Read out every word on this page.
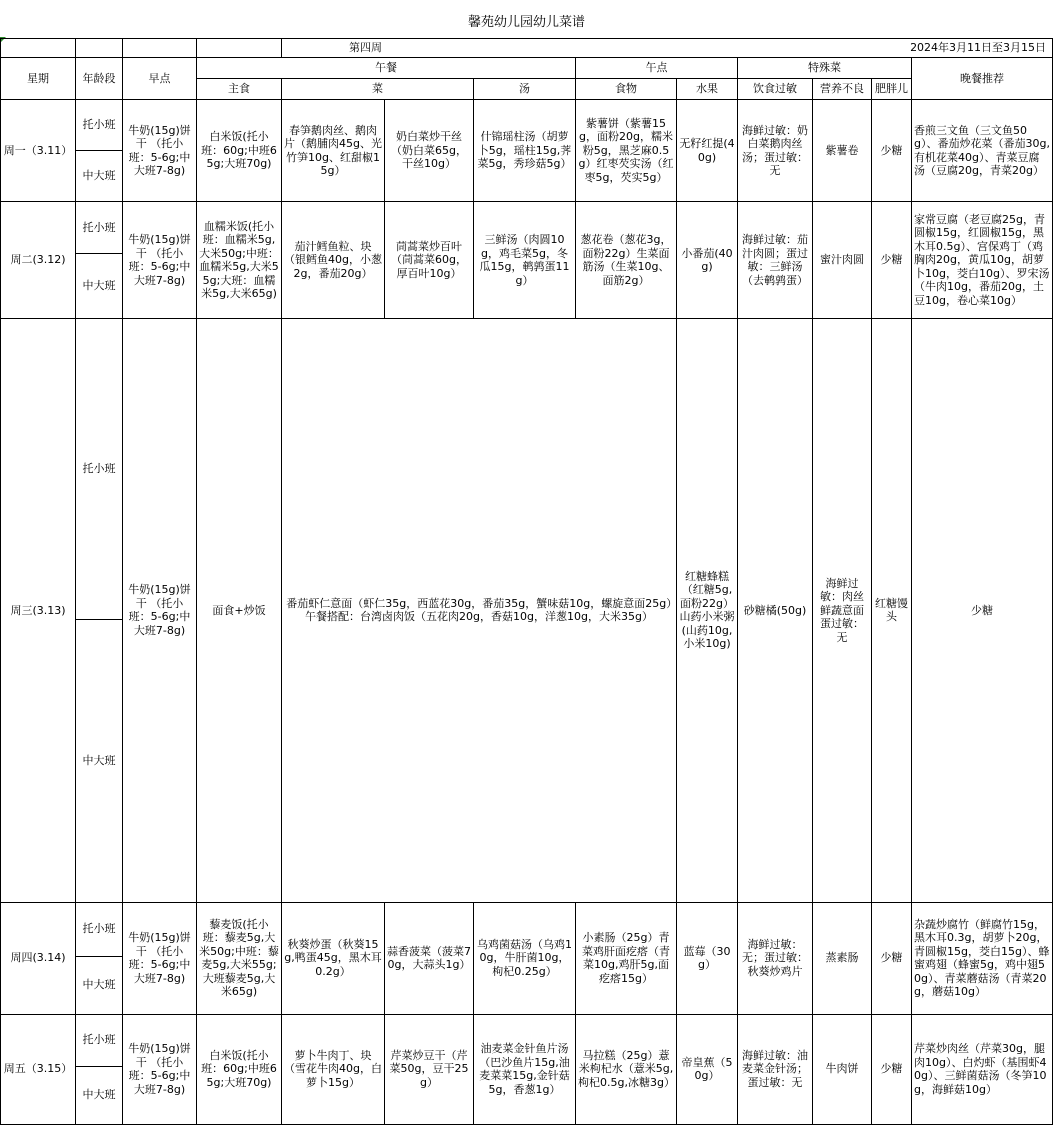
馨苑幼儿园幼儿菜谱
				第四周 2024年3月11日至3月15日									

星期	年龄段	早点	午餐				午点		特殊菜			晚餐推荐	
			主食	菜		汤	食物	水果	饮食过敏	营养不良	肥胖儿		
周一（3.11）	托小班	牛奶(15g)饼干 （托小班：5-6g;中大班7-8g)	白米饭(托小班：60g;中班65g;大班70g)	春笋鹅肉丝、鹅肉片（鹅脯肉45g、光竹笋10g、红甜椒15g）	奶白菜炒干丝（奶白菜65g，干丝10g）	什锦瑶柱汤（胡萝卜5g，瑶柱15g,荠菜5g，秀珍菇5g）	紫薯饼（紫薯15g，面粉20g，糯米粉5g，黑芝麻0.5g）红枣芡实汤（红枣5g，芡实5g）	无籽红提(40g)	海鲜过敏：奶白菜鹅肉丝汤；蛋过敏：无	紫薯卷	少糖	香煎三文鱼（三文鱼50g）、番茄炒花菜（番茄30g,有机花菜40g）、青菜豆腐汤（豆腐20g，青菜20g）	
	中大班												
周二(3.12)	托小班	牛奶(15g)饼干 （托小班：5-6g;中大班7-8g)	血糯米饭(托小班：血糯米5g,大米50g;中班：血糯米5g,大米55g;大班：血糯米5g,大米65g)	茄汁鳕鱼粒、块（银鳕鱼40g，小葱2g，番茄20g）	茼蒿菜炒百叶（茼蒿菜60g，厚百叶10g）	三鲜汤（肉圆10g，鸡毛菜5g，冬瓜15g，鹌鹑蛋11g）	葱花卷（葱花3g，面粉22g）生菜面筋汤（生菜10g、面筋2g）	小番茄(40g)	海鲜过敏：茄汁肉圆；蛋过敏：三鲜汤（去鹌鹑蛋）	蜜汁肉圆	少糖	家常豆腐（老豆腐25g，青圆椒15g，红圆椒15g，黑木耳0.5g）、宫保鸡丁（鸡胸肉20g，黄瓜10g，胡萝卜10g，茭白10g）、罗宋汤（牛肉10g，番茄20g，土豆10g，卷心菜10g）	
	中大班												
周三(3.13)	托小班	牛奶(15g)饼干 （托小班：5-6g;中大班7-8g)	面食+炒饭	番茄虾仁意面（虾仁35g，西蓝花30g，番茄35g，蟹味菇10g，螺旋意面25g）午餐搭配：台湾卤肉饭（五花肉20g，香菇10g，洋葱10g，大米35g）				红糖蜂糕（红糖5g,面粉22g）山药小米粥(山药10g,小米10g)	砂糖橘(50g)	海鲜过敏：肉丝鲜蔬意面蛋过敏：无	红糖馒头	少糖	
	中大班												
周四(3.14)	托小班	牛奶(15g)饼干 （托小班：5-6g;中大班7-8g)	藜麦饭(托小班：藜麦5g,大米50g;中班：藜麦5g,大米55g;大班藜麦5g,大米65g)	秋葵炒蛋（秋葵15g,鸭蛋45g，黑木耳0.2g）	蒜香菠菜（菠菜70g，大蒜头1g）	乌鸡菌菇汤（乌鸡10g，牛肝菌10g，枸杞0.25g）	小素肠（25g）青菜鸡肝面疙瘩（青菜10g,鸡肝5g,面疙瘩15g）	蓝莓（30g）	海鲜过敏：无；蛋过敏：秋葵炒鸡片	蒸素肠	少糖	杂蔬炒腐竹（鲜腐竹15g，黑木耳0.3g，胡萝卜20g，青圆椒15g，茭白15g）、蜂蜜鸡翅（蜂蜜5g，鸡中翅50g）、青菜蘑菇汤（青菜20g，蘑菇10g）	
	中大班												
周五（3.15）	托小班	牛奶(15g)饼干 （托小班：5-6g;中大班7-8g)	白米饭(托小班：60g;中班65g;大班70g)	萝卜牛肉丁、块（雪花牛肉40g，白萝卜15g）	芹菜炒豆干（芹菜50g，豆干25g）	油麦菜金针鱼片汤（巴沙鱼片15g,油麦菜菜15g,金针菇5g，香葱1g）	马拉糕（25g）薏米枸杞水（薏米5g,枸杞0.5g,冰糖3g）	帝皇蕉（50g）	海鲜过敏：油麦菜金针汤；蛋过敏：无	牛肉饼	少糖	芹菜炒肉丝（芹菜30g，腿肉10g）、白灼虾（基围虾40g）、三鲜菌菇汤（冬笋10g，海鲜菇10g）	
	中大班												
